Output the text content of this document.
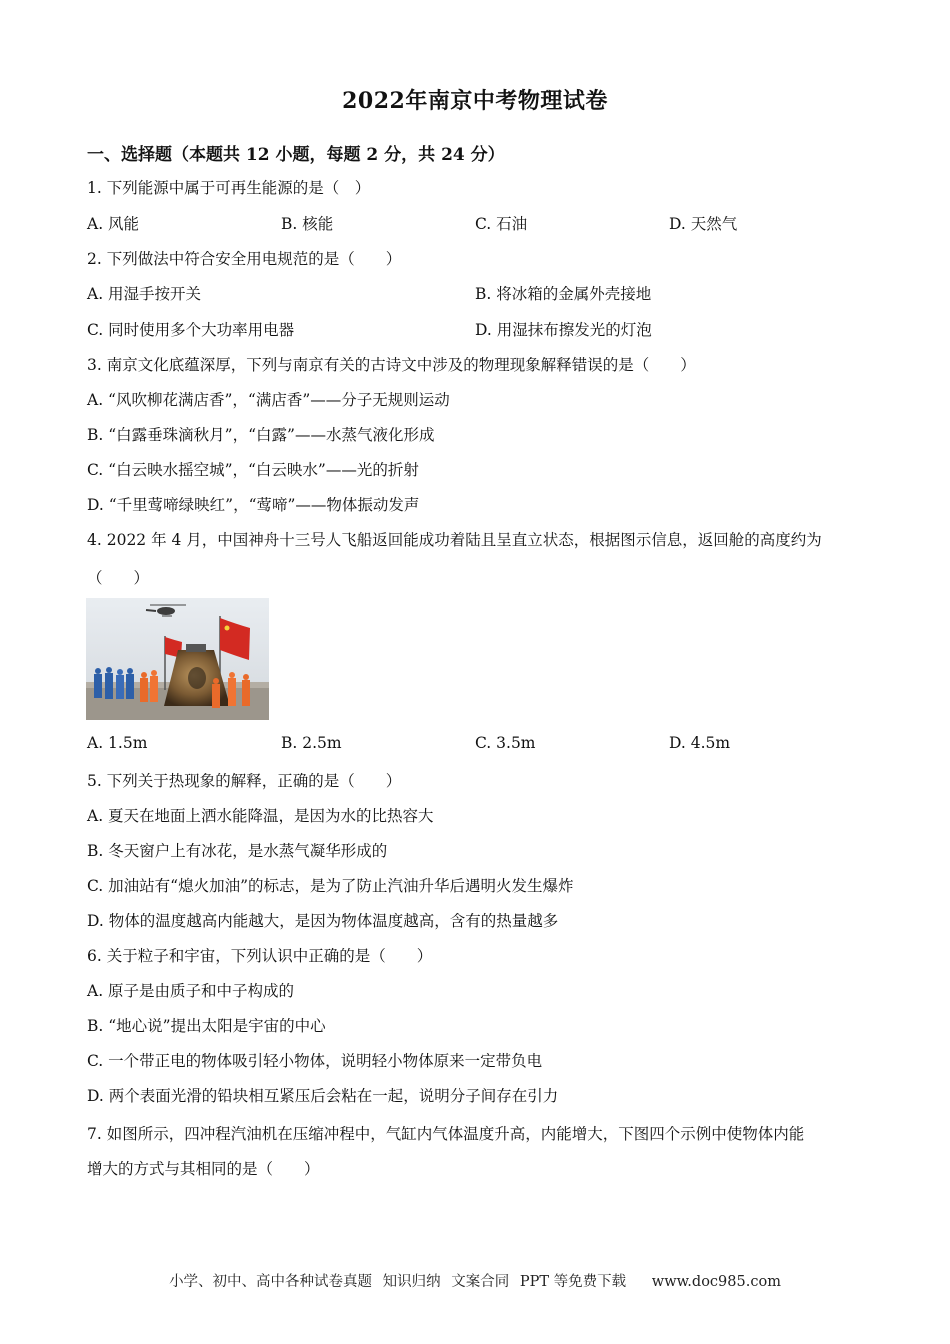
2022年南京中考物理试卷
一、选择题（本题共 12 小题，每题 2 分，共 24 分）
1. 下列能源中属于可再生能源的是（　）
A. 风能	B. 核能	C. 石油	D. 天然气
2. 下列做法中符合安全用电规范的是（　　）
A. 用湿手按开关	B. 将冰箱的金属外壳接地
C. 同时使用多个大功率用电器	D. 用湿抹布擦发光的灯泡
3. 南京文化底蕴深厚，下列与南京有关的古诗文中涉及的物理现象解释错误的是（　　）
A. “风吹柳花满店香”，“满店香”——分子无规则运动
B. “白露垂珠滴秋月”，“白露”——水蒸气液化形成
C. “白云映水摇空城”，“白云映水”——光的折射
D. “千里莺啼绿映红”，“莺啼”——物体振动发声
4. 2022 年 4 月，中国神舟十三号人飞船返回能成功着陆且呈直立状态，根据图示信息，返回舱的高度约为
（　　）
A. 1.5m	B. 2.5m	C. 3.5m	D. 4.5m
5. 下列关于热现象的解释，正确的是（　　）
A. 夏天在地面上洒水能降温，是因为水的比热容大
B. 冬天窗户上有冰花，是水蒸气凝华形成的
C. 加油站有“熄火加油”的标志，是为了防止汽油升华后遇明火发生爆炸
D. 物体的温度越高内能越大，是因为物体温度越高，含有的热量越多
6. 关于粒子和宇宙，下列认识中正确的是（　　）
A. 原子是由质子和中子构成的
B. “地心说”提出太阳是宇宙的中心
C. 一个带正电的物体吸引轻小物体，说明轻小物体原来一定带负电
D. 两个表面光滑的铅块相互紧压后会粘在一起，说明分子间存在引力
7. 如图所示，四冲程汽油机在压缩冲程中，气缸内气体温度升高，内能增大，下图四个示例中使物体内能
增大的方式与其相同的是（　　）
小学、初中、高中各种试卷真题 知识归纳 文案合同 PPT 等免费下载 www.doc985.com
